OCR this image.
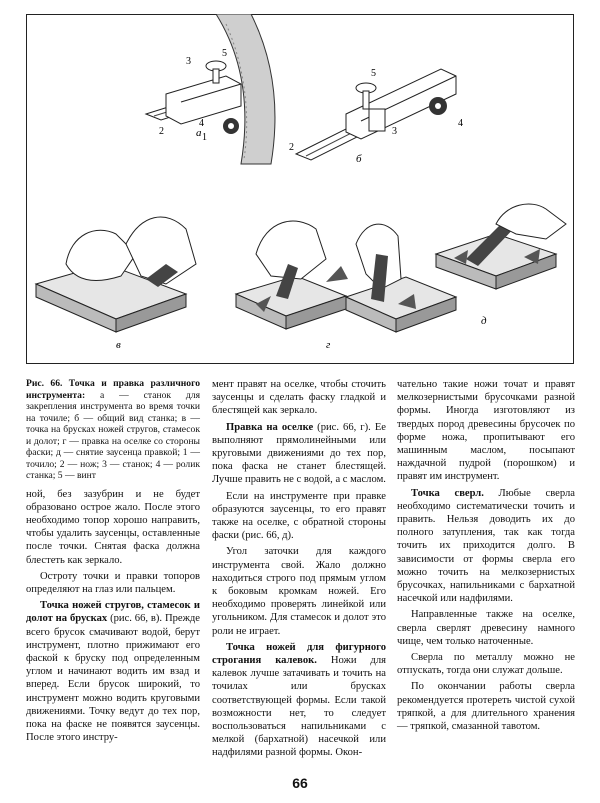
а 1
3
5
4
2
б
2
3
4
5
в	г
д
Рис. 66. Точка и правка различного инструмента: а — станок для закрепления инструмента во время точки на точиле; б — общий вид станка; в — точка на брусках ножей стругов, стамесок и долот; г — правка на оселке со стороны фаски; д — снятие заусенца правкой; 1 — точило; 2 — нож; 3 — станок; 4 — ролик станка; 5 — винт

ной, без зазубрин и не будет образовано острое жало. После этого необходимо топор хорошо направить, чтобы удалить заусенцы, оставленные после точки. Снятая фаска должна блестеть как зеркало.

Остроту точки и правки топоров определяют на глаз или пальцем.

Точка ножей стругов, стамесок и долот на брусках (рис. 66, в). Прежде всего брусок смачивают водой, берут инструмент, плотно прижимают его фаской к бруску под определенным углом и начинают водить им взад и вперед. Если брусок широкий, то инструмент можно водить круговыми движениями. Точку ведут до тех пор, пока на фаске не появятся заусенцы. После этого инстру-

мент правят на оселке, чтобы сточить заусенцы и сделать фаску гладкой и блестящей как зеркало.

Правка на оселке (рис. 66, г). Ее выполняют прямолинейными или круговыми движениями до тех пор, пока фаска не станет блестящей. Лучше править не с водой, а с маслом.

Если на инструменте при правке образуются заусенцы, то его правят также на оселке, с обратной стороны фаски (рис. 66, д).

Угол заточки для каждого инструмента свой. Жало должно находиться строго под прямым углом к боковым кромкам ножей. Его необходимо проверять линейкой или угольником. Для стамесок и долот это роли не играет.

Точка ножей для фигурного строгания калевок. Ножи для калевок лучше затачивать и точить на точилах или брусках соответствующей формы. Если такой возможности нет, то следует воспользоваться напильниками с мелкой (бархатной) насечкой или надфилями разной формы. Окон-

чательно такие ножи точат и правят мелкозернистыми брусочками разной формы. Иногда изготовляют из твердых пород древесины брусочек по форме ножа, пропитывают его машинным маслом, посыпают наждачной пудрой (порошком) и правят им инструмент.

Точка сверл. Любые сверла необходимо систематически точить и править. Нельзя доводить их до полного затупления, так как тогда точить их приходится долго. В зависимости от формы сверла его можно точить на мелкозернистых брусочках, напильниками с бархатной насечкой или надфилями.

Направленные также на оселке, сверла сверлят древесину намного чище, чем только наточенные.

Сверла по металлу можно не отпускать, тогда они служат дольше.

По окончании работы сверла рекомендуется протереть чистой сухой тряпкой, а для длительного хранения — тряпкой, смазанной тавотом.

66
